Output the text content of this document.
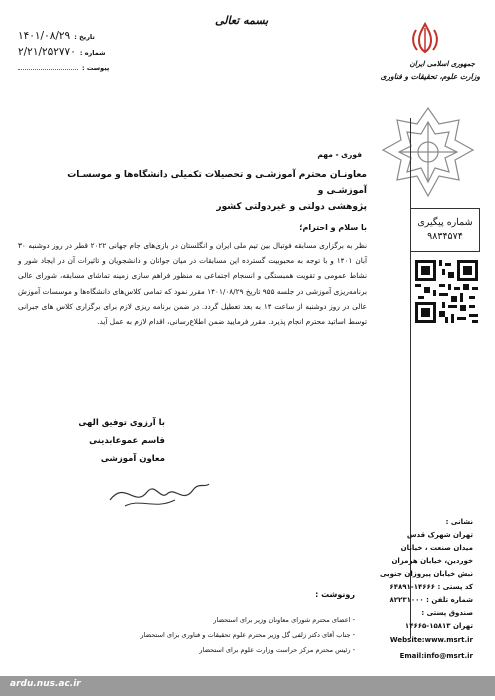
بسمه تعالی
تاریخ :
۱۴۰۱/۰۸/۲۹
شماره :
۲/۲۱/۲۵۲۷۷۰
پیوست :	جمهوری اسلامی ایران
وزارت علوم، تحقیقات و فناوری
شماره پیگیری
۹۸۳۴۵۷۴
فوری - مهم
معاونـان محترم آموزشـی و تحصیلات تکمیلی دانشگاه‌ها و موسسـات آموزشـی و
پژوهشی دولتی و غیردولتی کشور
با سلام و احترام؛
نظر به برگزاری مسابقه فوتبال بین تیم ملی ایران و انگلستان در بازی‌های جام جهانی ۲۰۲۲ قطر در روز دوشنبه ۳۰ آبان ۱۴۰۱ و با توجه به محبوبیت گسترده این مسابقات در میان جوانان و دانشجویان و تاثیرات آن در ایجاد شور و نشاط عمومی و تقویت همبستگی و انسجام اجتماعی به منظور فراهم سازی زمینه تماشای مسابقه، شورای عالی برنامه‌ریزی آموزشی در جلسه ۹۵۵ تاریخ ۱۴۰۱/۰۸/۲۹ مقرر نمود که تمامی کلاس‌های دانشگاه‌ها و موسسات آموزش عالی در روز دوشنبه از ساعت ۱۴ به بعد تعطیل گردد. در ضمن برنامه ریزی لازم برای برگزاری کلاس های جبرانی توسط اساتید محترم انجام پذیرد. مقرر فرمایید ضمن اطلاع‌رسانی، اقدام لازم به عمل آید.
با آرزوی توفیق الهی
قاسم عموعابدینی
معاون آموزشی
نشانی :
تهران شهرک قدس
میدان صنعت ، خیابان
خوردین، خیابان هرمزان
نبش خیابان پیروزان جنوبی
کد پستی : ۱۴۶۶۶-۶۴۸۹۱
شماره تلفن : ۸۲۲۳۱۰۰۰
صندوق پستی :
تهران ۱۵۸۱۳-۱۴۶۶۵
Website:www.msrt.ir
Email:info@msrt.ir
رونوشت :
- اعضای محترم شورای معاونان وزیر برای استحضار
- جناب آقای دکتر زلفی گل وزیر محترم علوم تحقیقات و فناوری برای استحضار
- رئیس محترم مرکز حراست وزارت علوم برای استحضار
ardu.nus.ac.ir
